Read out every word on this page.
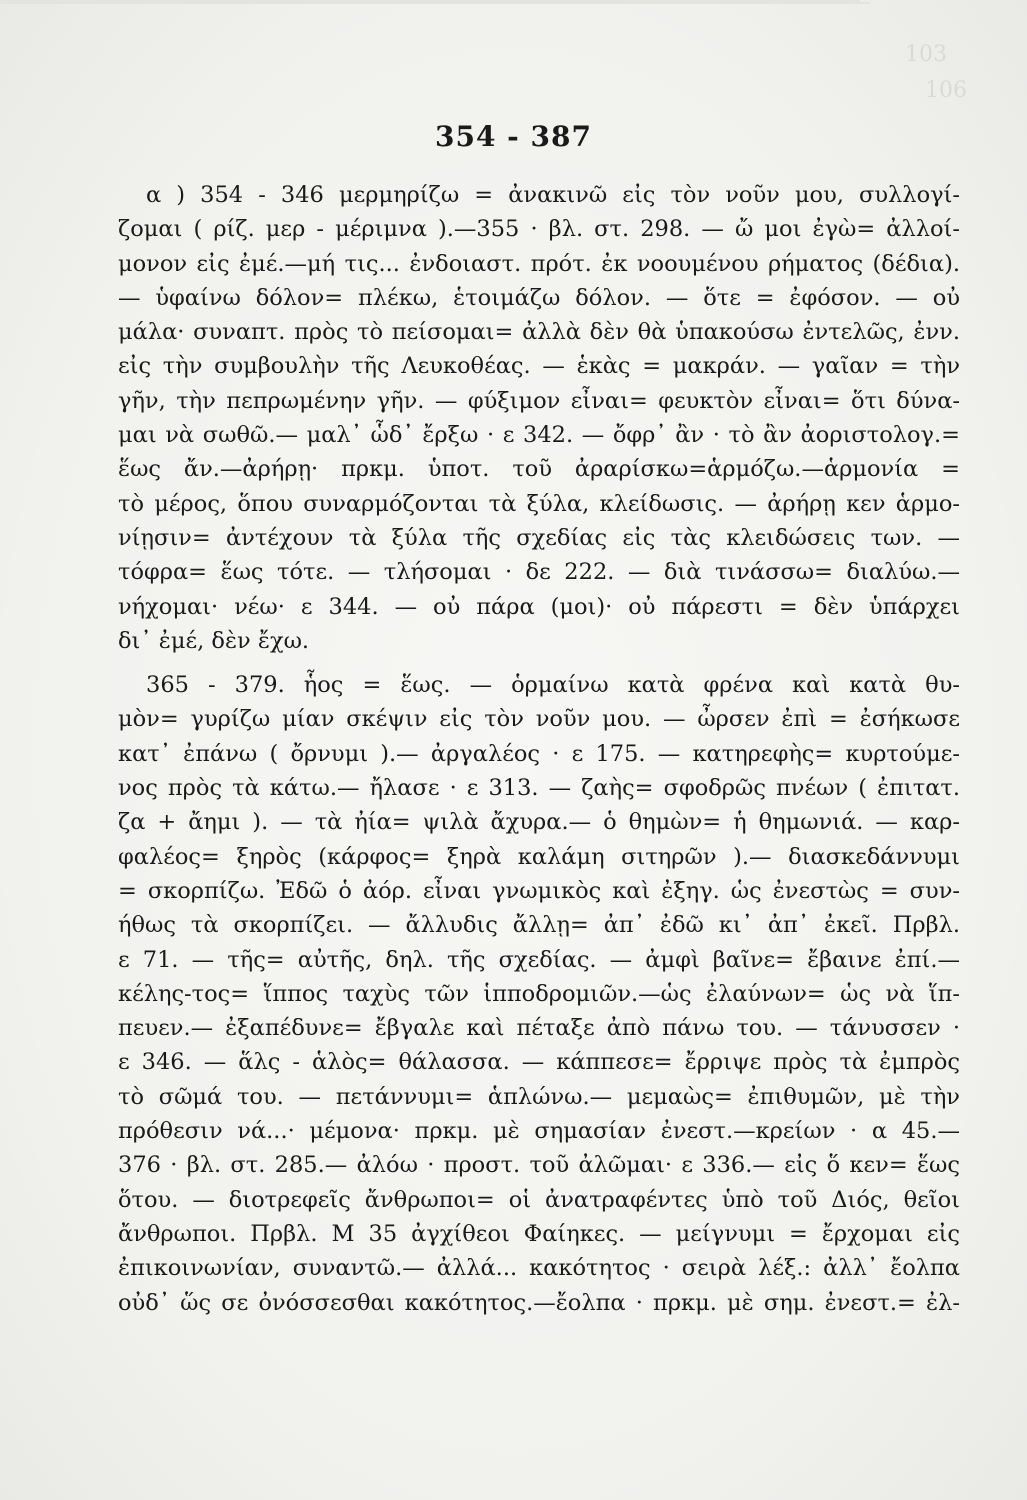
103
106
354 - 387
α ) 354 - 346 μερμηρίζω = ἀνακινῶ εἰς τὸν νοῦν μου, συλλογί-
ζομαι ( ρίζ. μερ - μέριμνα ).—355 · βλ. στ. 298. — ὤ μοι ἐγὼ= ἀλλοί-
μονον εἰς ἐμέ.—μή τις... ἐνδοιαστ. πρότ. ἐκ νοουμένου ρήματος (δέδια).
— ὑφαίνω δόλον= πλέκω, ἑτοιμάζω δόλον. — ὅτε = ἐφόσον. — οὐ
μάλα· συναπτ. πρὸς τὸ πείσομαι= ἀλλὰ δὲν θὰ ὑπακούσω ἐντελῶς, ἐνν.
εἰς τὴν συμβουλὴν τῆς Λευκοθέας. — ἑκὰς = μακράν. — γαῖαν = τὴν
γῆν, τὴν πεπρωμένην γῆν. — φύξιμον εἶναι= φευκτὸν εἶναι= ὅτι δύνα-
μαι νὰ σωθῶ.— μαλ᾽ ὧδ᾽ ἔρξω · ε 342. — ὄφρ᾽ ἂν · τὸ ἂν ἀοριστολογ.=
ἕως ἄν.—ἀρήρῃ· πρκμ. ὑποτ. τοῦ ἀραρίσκω=ἁρμόζω.—ἁρμονία =
τὸ μέρος, ὅπου συναρμόζονται τὰ ξύλα, κλείδωσις. — ἀρήρῃ κεν ἁρμο-
νίῃσιν= ἀντέχουν τὰ ξύλα τῆς σχεδίας εἰς τὰς κλειδώσεις των. —
τόφρα= ἕως τότε. — τλήσομαι · δε 222. — διὰ τινάσσω= διαλύω.—
νήχομαι· νέω· ε 344. — οὐ πάρα (μοι)· οὐ πάρεστι = δὲν ὑπάρχει
δι᾽ ἐμέ, δὲν ἔχω.
365 - 379. ἧος = ἕως. — ὁρμαίνω κατὰ φρένα καὶ κατὰ θυ-
μὸν= γυρίζω μίαν σκέψιν εἰς τὸν νοῦν μου. — ὦρσεν ἐπὶ = ἐσήκωσε
κατ᾽ ἐπάνω ( ὄρνυμι ).— ἀργαλέος · ε 175. — κατηρεφὴς= κυρτούμε-
νος πρὸς τὰ κάτω.— ἤλασε · ε 313. — ζαὴς= σφοδρῶς πνέων ( ἐπιτατ.
ζα + ἄημι ). — τὰ ἠία= ψιλὰ ἄχυρα.— ὁ θημὼν= ἡ θημωνιά. — καρ-
φαλέος= ξηρὸς (κάρφος= ξηρὰ καλάμη σιτηρῶν ).— διασκεδάννυμι
= σκορπίζω. Ἐδῶ ὁ ἀόρ. εἶναι γνωμικὸς καὶ ἐξηγ. ὡς ἐνεστὼς = συν-
ήθως τὰ σκορπίζει. — ἄλλυδις ἄλλῃ= ἀπ᾽ ἐδῶ κι᾽ ἀπ᾽ ἐκεῖ. Πρβλ.
ε 71. — τῆς= αὐτῆς, δηλ. τῆς σχεδίας. — ἀμφὶ βαῖνε= ἔβαινε ἐπί.—
κέλης-τος= ἵππος ταχὺς τῶν ἱπποδρομιῶν.—ὡς ἐλαύνων= ὡς νὰ ἵπ-
πευεν.— ἐξαπέδυνε= ἔβγαλε καὶ πέταξε ἀπὸ πάνω του. — τάνυσσεν ·
ε 346. — ἅλς - ἁλὸς= θάλασσα. — κάππεσε= ἔρριψε πρὸς τὰ ἐμπρὸς
τὸ σῶμά του. — πετάννυμι= ἁπλώνω.— μεμαὼς= ἐπιθυμῶν, μὲ τὴν
πρόθεσιν νά...· μέμονα· πρκμ. μὲ σημασίαν ἐνεστ.—κρείων · α 45.—
376 · βλ. στ. 285.— ἀλόω · προστ. τοῦ ἀλῶμαι· ε 336.— εἰς ὅ κεν= ἕως
ὅτου. — διοτρεφεῖς ἄνθρωποι= οἱ ἀνατραφέντες ὑπὸ τοῦ Διός, θεῖοι
ἄνθρωποι. Πρβλ. Μ 35 ἀγχίθεοι Φαίηκες. — μείγνυμι = ἔρχομαι εἰς
ἐπικοινωνίαν, συναντῶ.— ἀλλά... κακότητος · σειρὰ λέξ.: ἀλλ᾽ ἔολπα
οὐδ᾽ ὥς σε ὀνόσσεσθαι κακότητος.—ἔολπα · πρκμ. μὲ σημ. ἐνεστ.= ἐλ-
